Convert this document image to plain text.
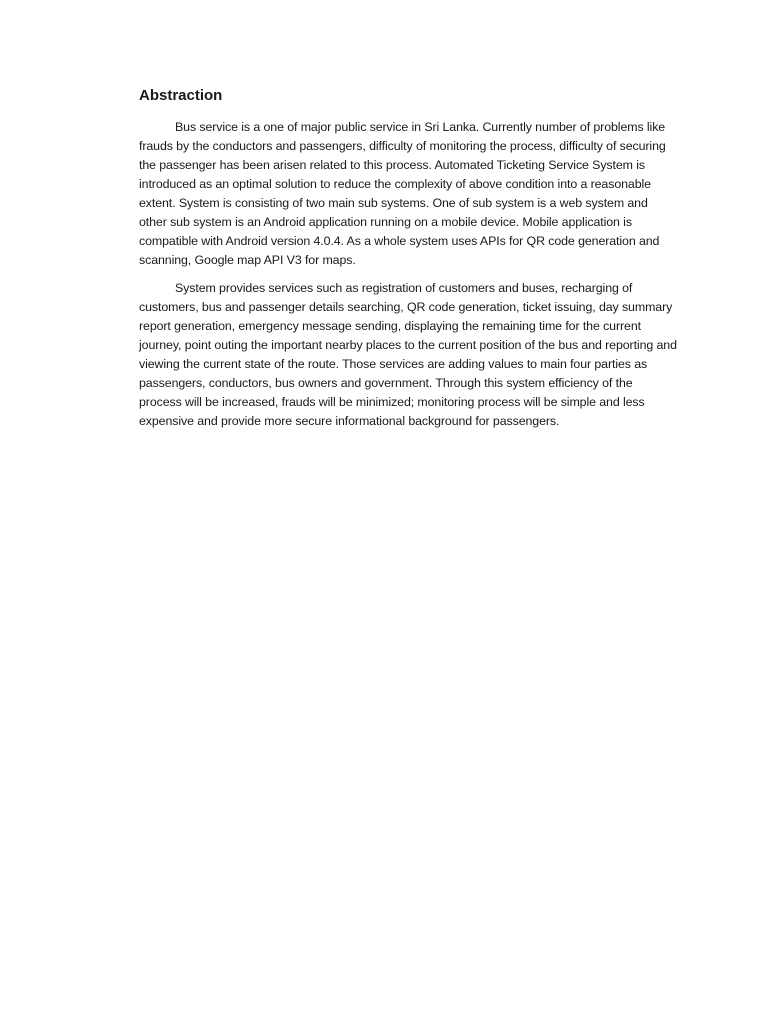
Abstraction

Bus service is a one of major public service in Sri Lanka. Currently number of problems like frauds by the conductors and passengers, difficulty of monitoring the process, difficulty of securing the passenger has been arisen related to this process. Automated Ticketing Service System is introduced as an optimal solution to reduce the complexity of above condition into a reasonable extent. System is consisting of two main sub systems. One of sub system is a web system and other sub system is an Android application running on a mobile device. Mobile application is compatible with Android version 4.0.4. As a whole system uses APIs for QR code generation and scanning, Google map API V3 for maps.

System provides services such as registration of customers and buses, recharging of customers, bus and passenger details searching, QR code generation, ticket issuing, day summary report generation, emergency message sending, displaying the remaining time for the current journey, point outing the important nearby places to the current position of the bus and reporting and viewing the current state of the route. Those services are adding values to main four parties as passengers, conductors, bus owners and government. Through this system efficiency of the process will be increased, frauds will be minimized; monitoring process will be simple and less expensive and provide more secure informational background for passengers.
